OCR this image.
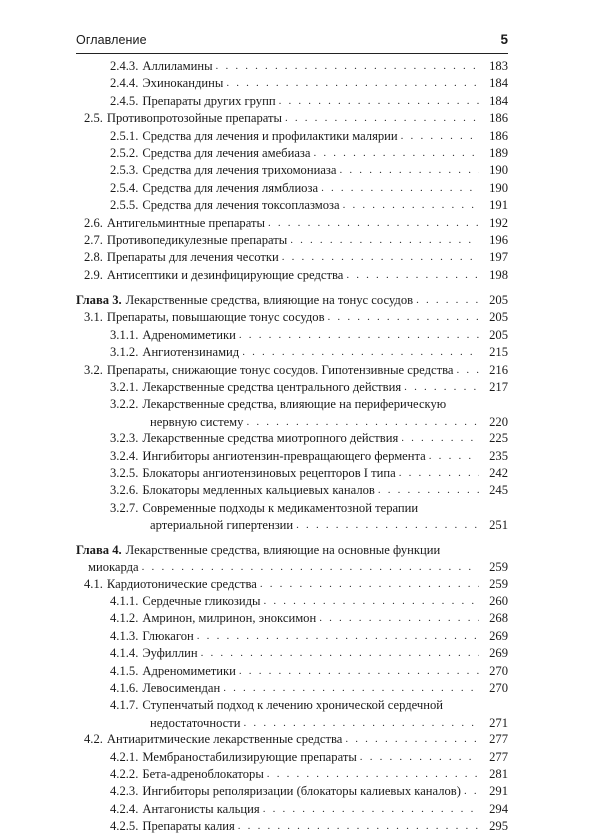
Оглавление	5
2.4.3. Аллиламины . . .	183
2.4.4. Эхинокандины . . .	184
2.4.5. Препараты других групп . . .	184
2.5. Противопротозойные препараты . . .	186
2.5.1. Средства для лечения и профилактики малярии . . .	186
2.5.2. Средства для лечения амебиаза . . .	189
2.5.3. Средства для лечения трихомониаза . . .	190
2.5.4. Средства для лечения лямблиоза . . .	190
2.5.5. Средства для лечения токсоплазмоза . . .	191
2.6. Антигельминтные препараты . . .	192
2.7. Противопедикулезные препараты . . .	196
2.8. Препараты для лечения чесотки . . .	197
2.9. Антисептики и дезинфицирующие средства . . .	198
Глава 3. Лекарственные средства, влияющие на тонус сосудов . . .	205
3.1. Препараты, повышающие тонус сосудов . . .	205
3.1.1. Адреномиметики . . .	205
3.1.2. Ангиотензинамид . . .	215
3.2. Препараты, снижающие тонус сосудов. Гипотензивные средства . . .	216
3.2.1. Лекарственные средства центрального действия . . .	217
3.2.2. Лекарственные средства, влияющие на периферическую
нервную систему . . .	220
3.2.3. Лекарственные средства миотропного действия . . .	225
3.2.4. Ингибиторы ангиотензин-превращающего фермента . . .	235
3.2.5. Блокаторы ангиотензиновых рецепторов I типа . . .	242
3.2.6. Блокаторы медленных кальциевых каналов . . .	245
3.2.7. Современные подходы к медикаментозной терапии
артериальной гипертензии . . .	251
Глава 4. Лекарственные средства, влияющие на основные функции
миокарда . . .	259
4.1. Кардиотонические средства . . .	259
4.1.1. Сердечные гликозиды . . .	260
4.1.2. Амринон, милринон, эноксимон . . .	268
4.1.3. Глюкагон . . .	269
4.1.4. Эуфиллин . . .	269
4.1.5. Адреномиметики . . .	270
4.1.6. Левосимендан . . .	270
4.1.7. Ступенчатый подход к лечению хронической сердечной
недостаточности . . .	271
4.2. Антиаритмические лекарственные средства . . .	277
4.2.1. Мембраностабилизирующие препараты . . .	277
4.2.2. Бета-адреноблокаторы . . .	281
4.2.3. Ингибиторы реполяризации (блокаторы калиевых каналов) . . .	291
4.2.4. Антагонисты кальция . . .	294
4.2.5. Препараты калия . . .	295
